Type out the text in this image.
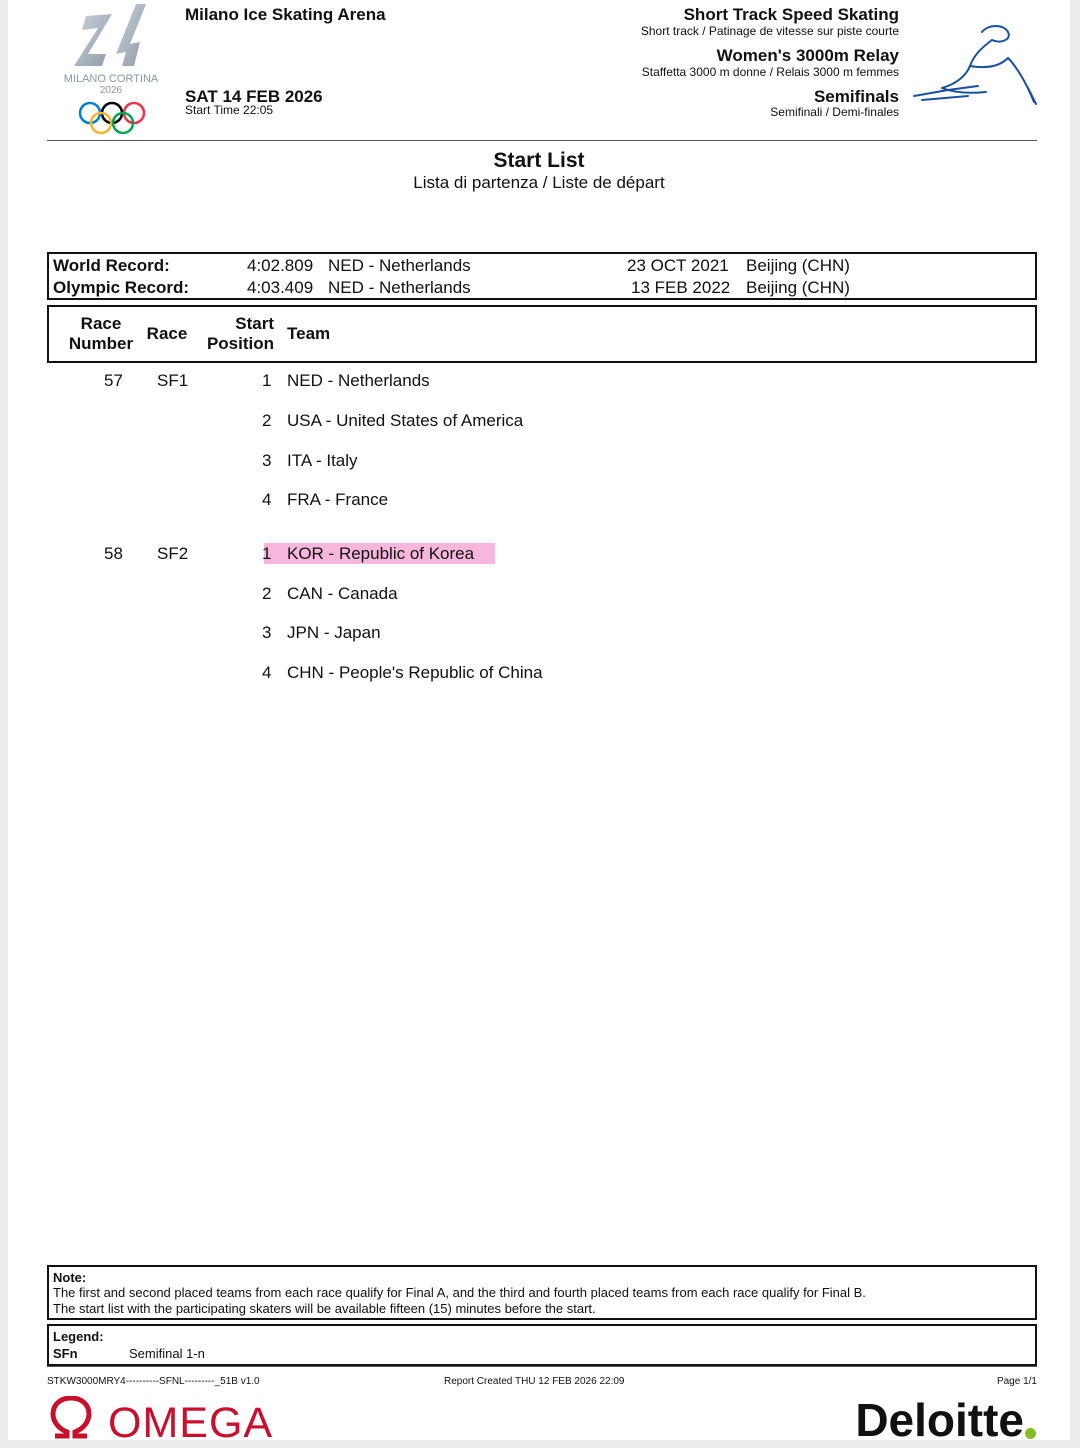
MILANO CORTINA
2026
Milano Ice Skating Arena
SAT 14 FEB 2026
Start Time 22:05
Short Track Speed Skating
Short track / Patinage de vitesse sur piste courte
Women's 3000m Relay
Staffetta 3000 m donne / Relais 3000 m femmes
Semifinals
Semifinali / Demi-finales
Start List
Lista di partenza / Liste de départ
World Record:	4:02.809 NED - Netherlands	23 OCT 2021 Beijing (CHN)
Olympic Record:	4:03.409 NED - Netherlands	13 FEB 2022 Beijing (CHN)
Race
Number
Race
Start
Position
Team
57 SF1	1 NED - Netherlands
2 USA - United States of America
3 ITA - Italy
4 FRA - France
58 SF2	1 KOR - Republic of Korea
2 CAN - Canada
3 JPN - Japan
4 CHN - People's Republic of China
Note:
The first and second placed teams from each race qualify for Final A, and the third and fourth placed teams from each race qualify for Final B.
The start list with the participating skaters will be available fifteen (15) minutes before the start.
Legend:
SFn	Semifinal 1-n
STKW3000MRY4----------SFNL---------_51B v1.0	Report Created THU 12 FEB 2026 22:09	Page 1/1
OMEGA	Deloitte
